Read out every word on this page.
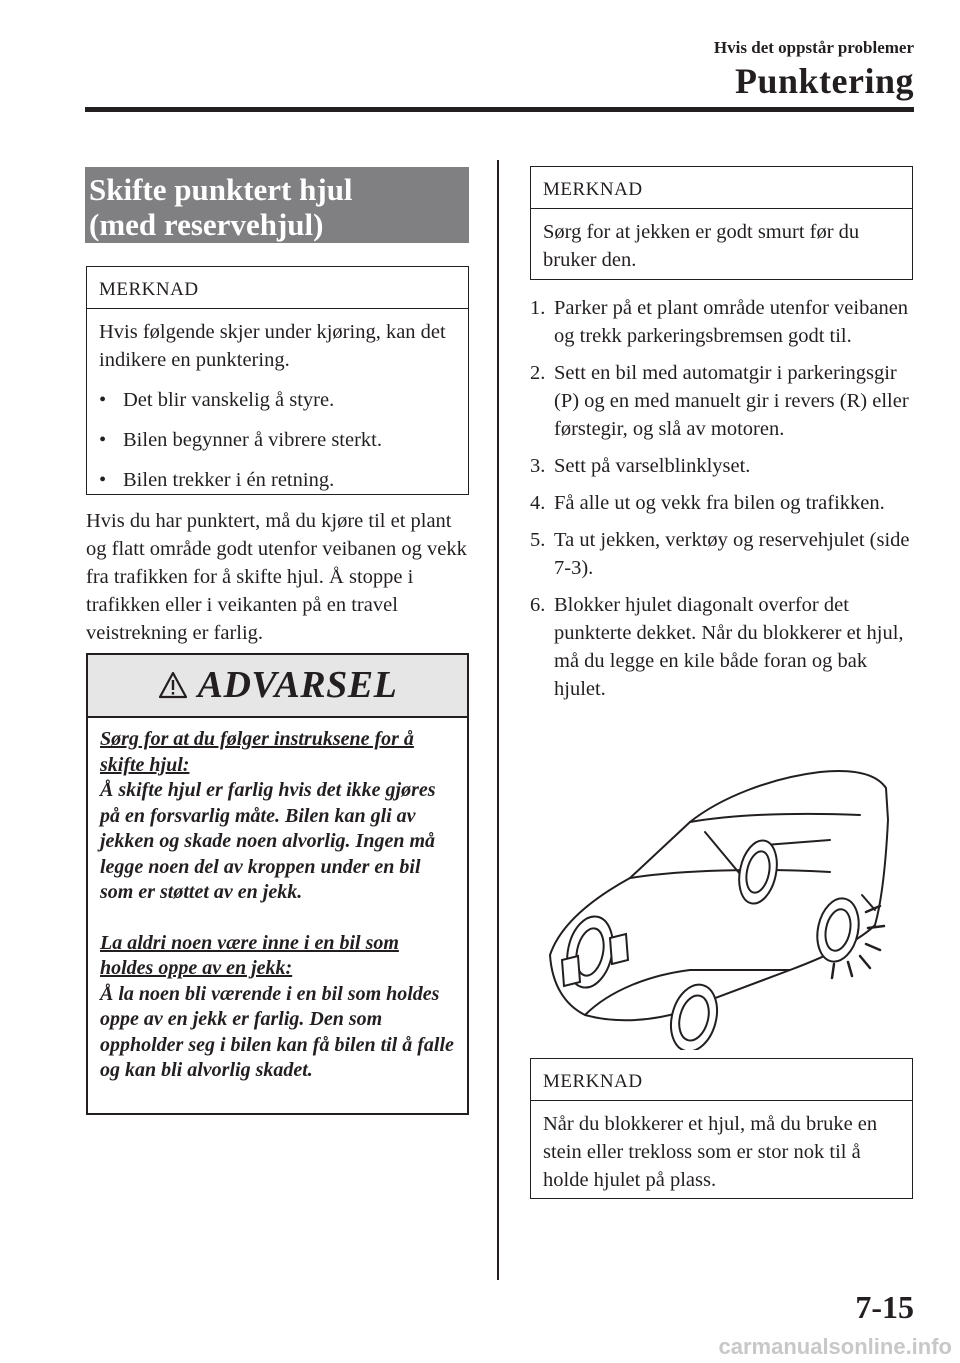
Hvis det oppstår problemer
Punktering
Skifte punktert hjul
(med reservehjul)
MERKNAD

Hvis følgende skjer under kjøring, kan det indikere en punktering.

• Det blir vanskelig å styre.
• Bilen begynner å vibrere sterkt.
• Bilen trekker i én retning.

Hvis du har punktert, må du kjøre til et plant og flatt område godt utenfor veibanen og vekk fra trafikken for å skifte hjul. Å stoppe i trafikken eller i veikanten på en travel veistrekning er farlig.

ADVARSEL

Sørg for at du følger instruksene for å skifte hjul:

Å skifte hjul er farlig hvis det ikke gjøres på en forsvarlig måte. Bilen kan gli av jekken og skade noen alvorlig. Ingen må legge noen del av kroppen under en bil som er støttet av en jekk.

La aldri noen være inne i en bil som holdes oppe av en jekk:

Å la noen bli værende i en bil som holdes oppe av en jekk er farlig. Den som oppholder seg i bilen kan få bilen til å falle og kan bli alvorlig skadet.

MERKNAD

Sørg for at jekken er godt smurt før du bruker den.

1. Parker på et plant område utenfor veibanen og trekk parkeringsbremsen godt til.
2. Sett en bil med automatgir i parkeringsgir (P) og en med manuelt gir i revers (R) eller førstegir, og slå av motoren.
3. Sett på varselblinklyset.
4. Få alle ut og vekk fra bilen og trafikken.
5. Ta ut jekken, verktøy og reservehjulet (side 7-3).
6. Blokker hjulet diagonalt overfor det punkterte dekket. Når du blokkerer et hjul, må du legge en kile både foran og bak hjulet.
MERKNAD

Når du blokkerer et hjul, må du bruke en stein eller trekloss som er stor nok til å holde hjulet på plass.

7-15
carmanualsonline.info
